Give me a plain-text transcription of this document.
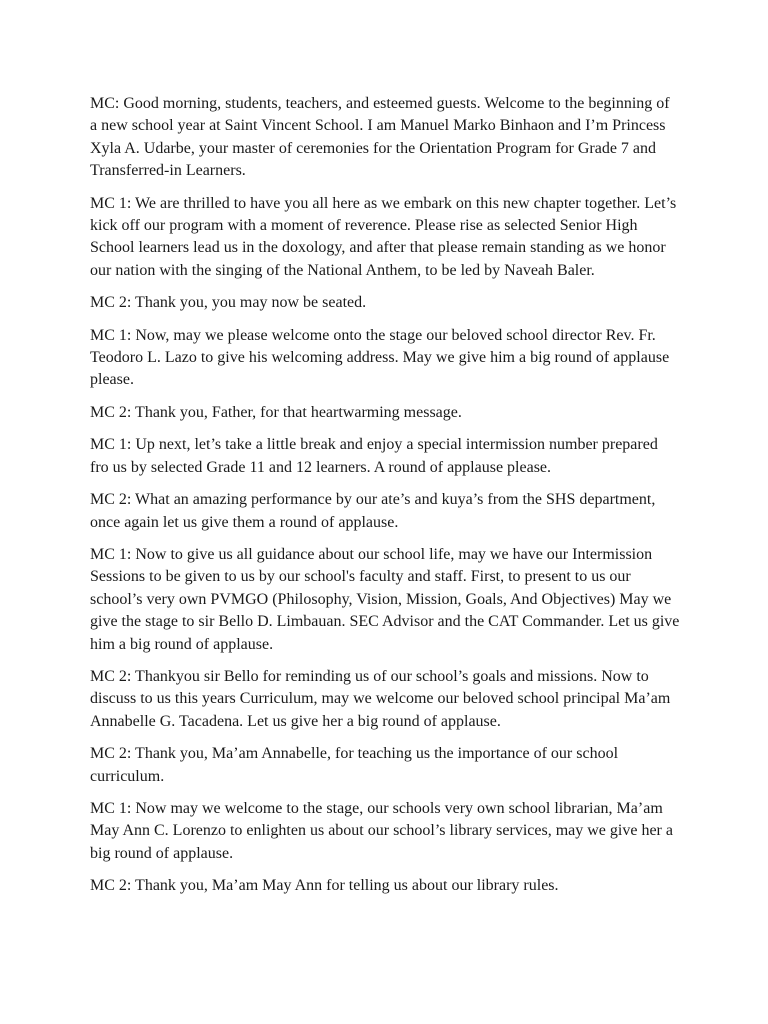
MC: Good morning, students, teachers, and esteemed guests. Welcome to the beginning of a new school year at Saint Vincent School. I am Manuel Marko Binhaon and I’m Princess Xyla A. Udarbe, your master of ceremonies for the Orientation Program for Grade 7 and Transferred-in Learners.

MC 1: We are thrilled to have you all here as we embark on this new chapter together. Let’s kick off our program with a moment of reverence. Please rise as selected Senior High School learners lead us in the doxology, and after that please remain standing as we honor our nation with the singing of the National Anthem, to be led by Naveah Baler.

MC 2: Thank you, you may now be seated.

MC 1: Now, may we please welcome onto the stage our beloved school director Rev. Fr. Teodoro L. Lazo to give his welcoming address. May we give him a big round of applause please.

MC 2: Thank you, Father, for that heartwarming message.

MC 1: Up next, let’s take a little break and enjoy a special intermission number prepared fro us by selected Grade 11 and 12 learners. A round of applause please.

MC 2: What an amazing performance by our ate’s and kuya’s from the SHS department, once again let us give them a round of applause.

MC 1: Now to give us all guidance about our school life, may we have our Intermission Sessions to be given to us by our school's faculty and staff. First, to present to us our school’s very own PVMGO (Philosophy, Vision, Mission, Goals, And Objectives) May we give the stage to sir Bello D. Limbauan. SEC Advisor and the CAT Commander. Let us give him a big round of applause.

MC 2: Thankyou sir Bello for reminding us of our school’s goals and missions. Now to discuss to us this years Curriculum, may we welcome our beloved school principal Ma’am Annabelle G. Tacadena. Let us give her a big round of applause.

MC 2: Thank you, Ma’am Annabelle, for teaching us the importance of our school curriculum.

MC 1: Now may we welcome to the stage, our schools very own school librarian, Ma’am May Ann C. Lorenzo to enlighten us about our school’s library services, may we give her a big round of applause.

MC 2: Thank you, Ma’am May Ann for telling us about our library rules.
